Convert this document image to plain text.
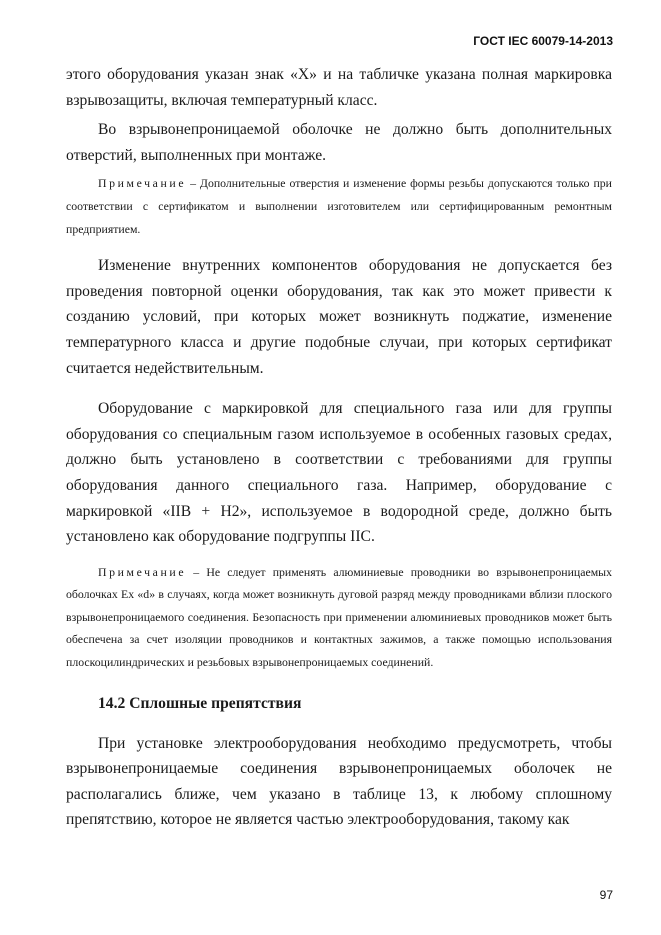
ГОСТ IEC 60079-14-2013

этого оборудования указан знак «X» и на табличке указана полная маркировка взрывозащиты, включая температурный класс.

Во взрывонепроницаемой оболочке не должно быть дополнительных отверстий, выполненных при монтаже.

Примечание – Дополнительные отверстия и изменение формы резьбы допускаются только при соответствии с сертификатом и выполнении изготовителем или сертифицированным ремонтным предприятием.

Изменение внутренних компонентов оборудования не допускается без проведения повторной оценки оборудования, так как это может привести к созданию условий, при которых может возникнуть поджатие, изменение температурного класса и другие подобные случаи, при которых сертификат считается недействительным.

Оборудование с маркировкой для специального газа или для группы оборудования со специальным газом используемое в особенных газовых средах, должно быть установлено в соответствии с требованиями для группы оборудования данного специального газа. Например, оборудование с маркировкой «IIB + H2», используемое в водородной среде, должно быть установлено как оборудование подгруппы IIC.

Примечание – Не следует применять алюминиевые проводники во взрывонепроницаемых оболочках Ex «d» в случаях, когда может возникнуть дуговой разряд между проводниками вблизи плоского взрывонепроницаемого соединения. Безопасность при применении алюминиевых проводников может быть обеспечена за счет изоляции проводников и контактных зажимов, а также помощью использования плоскоцилиндрических и резьбовых взрывонепроницаемых соединений.

14.2 Сплошные препятствия

При установке электрооборудования необходимо предусмотреть, чтобы взрывонепроницаемые соединения взрывонепроницаемых оболочек не располагались ближе, чем указано в таблице 13, к любому сплошному препятствию, которое не является частью электрооборудования, такому как

97
